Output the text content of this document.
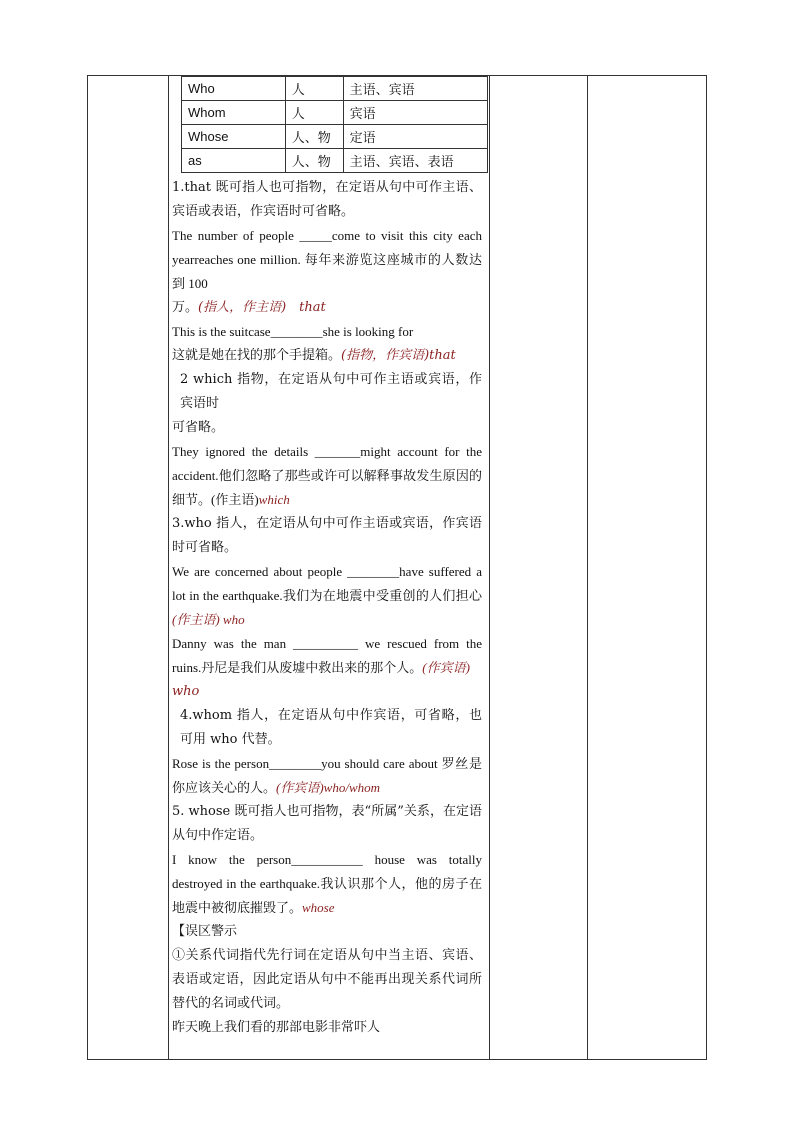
Who	人	主语、宾语
Whom	人	宾语
Whose	人、物	定语
as	人、物	主语、宾语、表语

1.that 既可指人也可指物，在定语从句中可作主语、宾语或表语，作宾语时可省略。

The number of people _____come to visit this city each yearreaches one million. 每年来游览这座城市的人数达到 100

万。(指人，作主语)　that

This is the suitcase________she is looking for

这就是她在找的那个手提箱。(指物，作宾语)that

2 which 指物，在定语从句中可作主语或宾语，作宾语时

可省略。

They ignored the details _______might account for the accident.他们忽略了那些或许可以解释事故发生原因的细节。(作主语)which

3.who 指人，在定语从句中可作主语或宾语，作宾语时可省略。

We are concerned about people ________have suffered a lot in the earthquake.我们为在地震中受重创的人们担心(作主语) who

Danny was the man __________ we rescued from the ruins.丹尼是我们从废墟中救出来的那个人。(作宾语)

who

4.whom 指人，在定语从句中作宾语，可省略，也可用 who 代替。

Rose is the person________you should care about 罗丝是你应该关心的人。(作宾语)who/whom

5. whose 既可指人也可指物，表“所属”关系，在定语从句中作定语。

I know the person___________ house was totally destroyed in the earthquake.我认识那个人，他的房子在地震中被彻底摧毁了。whose

【误区警示

①关系代词指代先行词在定语从句中当主语、宾语、表语或定语，因此定语从句中不能再出现关系代词所替代的名词或代词。

昨天晚上我们看的那部电影非常吓人
